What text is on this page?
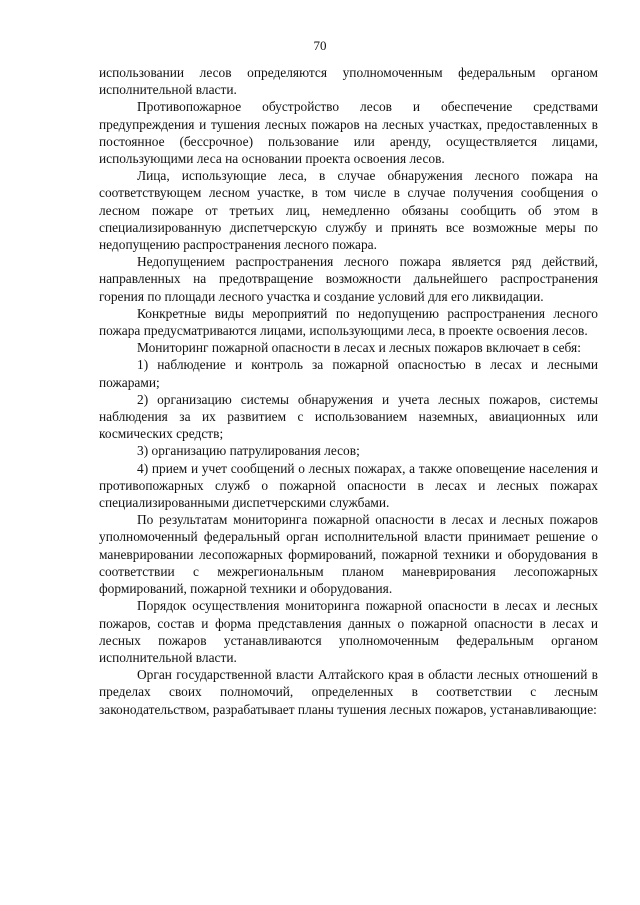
70

использовании лесов определяются уполномоченным федеральным органом исполнительной власти.

Противопожарное обустройство лесов и обеспечение средствами предупреждения и тушения лесных пожаров на лесных участках, предоставленных в постоянное (бессрочное) пользование или аренду, осуществляется лицами, использующими леса на основании проекта освоения лесов.

Лица, использующие леса, в случае обнаружения лесного пожара на соответствующем лесном участке, в том числе в случае получения сообщения о лесном пожаре от третьих лиц, немедленно обязаны сообщить об этом в специализированную диспетчерскую службу и принять все возможные меры по недопущению распространения лесного пожара.

Недопущением распространения лесного пожара является ряд действий, направленных на предотвращение возможности дальнейшего распространения горения по площади лесного участка и создание условий для его ликвидации.

Конкретные виды мероприятий по недопущению распространения лесного пожара предусматриваются лицами, использующими леса, в проекте освоения лесов.

Мониторинг пожарной опасности в лесах и лесных пожаров включает в себя:

1) наблюдение и контроль за пожарной опасностью в лесах и лесными пожарами;

2) организацию системы обнаружения и учета лесных пожаров, системы наблюдения за их развитием с использованием наземных, авиационных или космических средств;

3) организацию патрулирования лесов;

4) прием и учет сообщений о лесных пожарах, а также оповещение населения и противопожарных служб о пожарной опасности в лесах и лесных пожарах специализированными диспетчерскими службами.

По результатам мониторинга пожарной опасности в лесах и лесных пожаров уполномоченный федеральный орган исполнительной власти принимает решение о маневрировании лесопожарных формирований, пожарной техники и оборудования в соответствии с межрегиональным планом маневрирования лесопожарных формирований, пожарной техники и оборудования.

Порядок осуществления мониторинга пожарной опасности в лесах и лесных пожаров, состав и форма представления данных о пожарной опасности в лесах и лесных пожаров устанавливаются уполномоченным федеральным органом исполнительной власти.

Орган государственной власти Алтайского края в области лесных отношений в пределах своих полномочий, определенных в соответствии с лесным законодательством, разрабатывает планы тушения лесных пожаров, устанавливающие:
